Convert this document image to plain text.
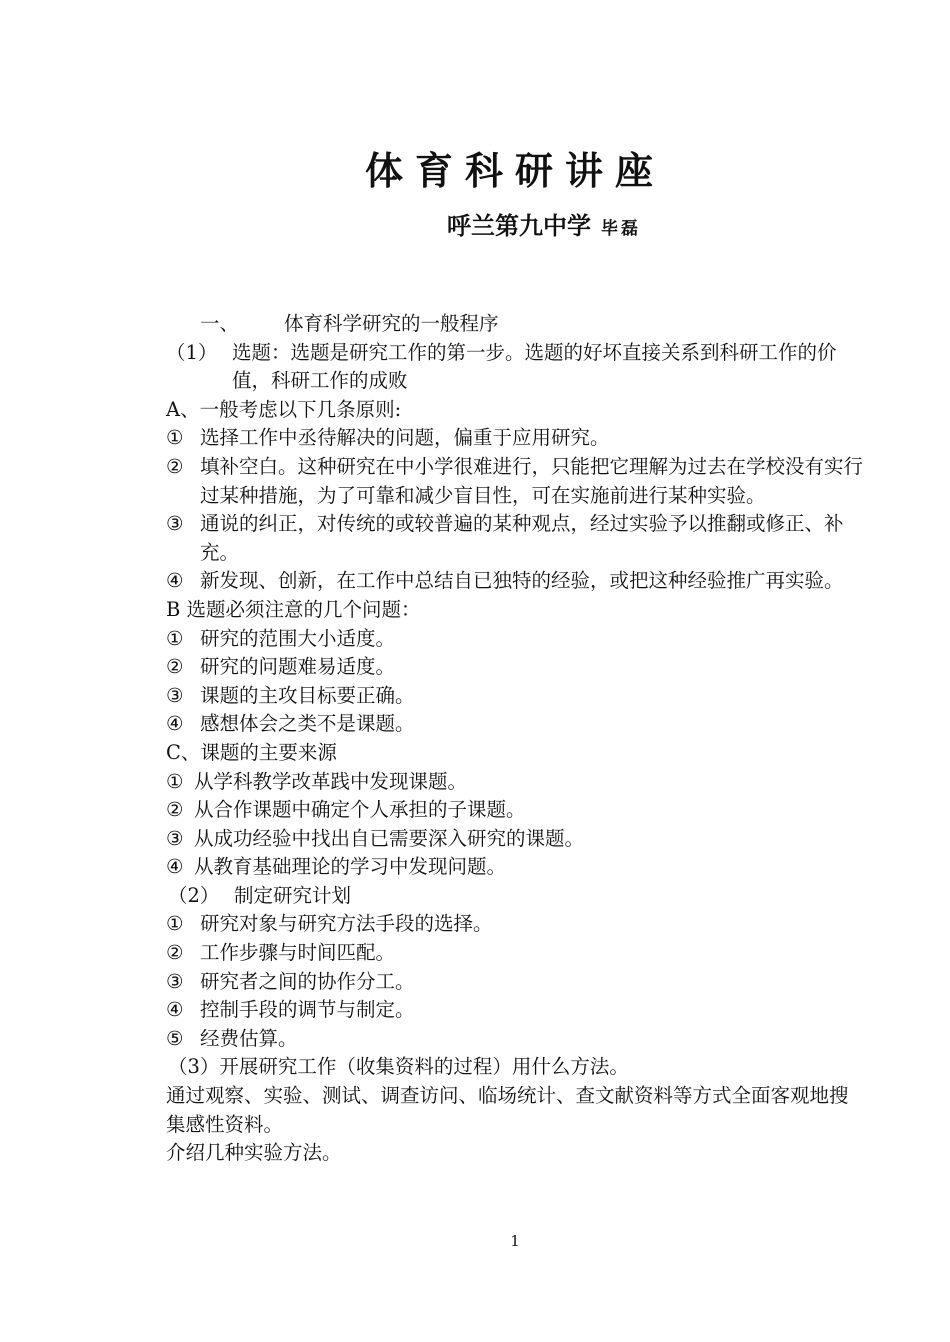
体育科研讲座
呼兰第九中学 毕磊
一、 体育科学研究的一般程序
（1） 选题：选题是研究工作的第一步。选题的好坏直接关系到科研工作的价值，科研工作的成败
A、一般考虑以下几条原则:
① 选择工作中丞待解决的问题，偏重于应用研究。
② 填补空白。这种研究在中小学很难进行，只能把它理解为过去在学校没有实行过某种措施，为了可靠和减少盲目性，可在实施前进行某种实验。
③ 通说的纠正，对传统的或较普遍的某种观点，经过实验予以推翻或修正、补充。
④ 新发现、创新，在工作中总结自已独特的经验，或把这种经验推广再实验。
B 选题必须注意的几个问题：
① 研究的范围大小适度。
② 研究的问题难易适度。
③ 课题的主攻目标要正确。
④ 感想体会之类不是课题。
C、课题的主要来源
① 从学科教学改革践中发现课题。
② 从合作课题中确定个人承担的子课题。
③ 从成功经验中找出自已需要深入研究的课题。
④ 从教育基础理论的学习中发现问题。
（2） 制定研究计划
① 研究对象与研究方法手段的选择。
② 工作步骤与时间匹配。
③ 研究者之间的协作分工。
④ 控制手段的调节与制定。
⑤ 经费估算。
（3）开展研究工作（收集资料的过程）用什么方法。
通过观察、实验、测试、调查访问、临场统计、查文献资料等方式全面客观地搜集感性资料。
介绍几种实验方法。
1
